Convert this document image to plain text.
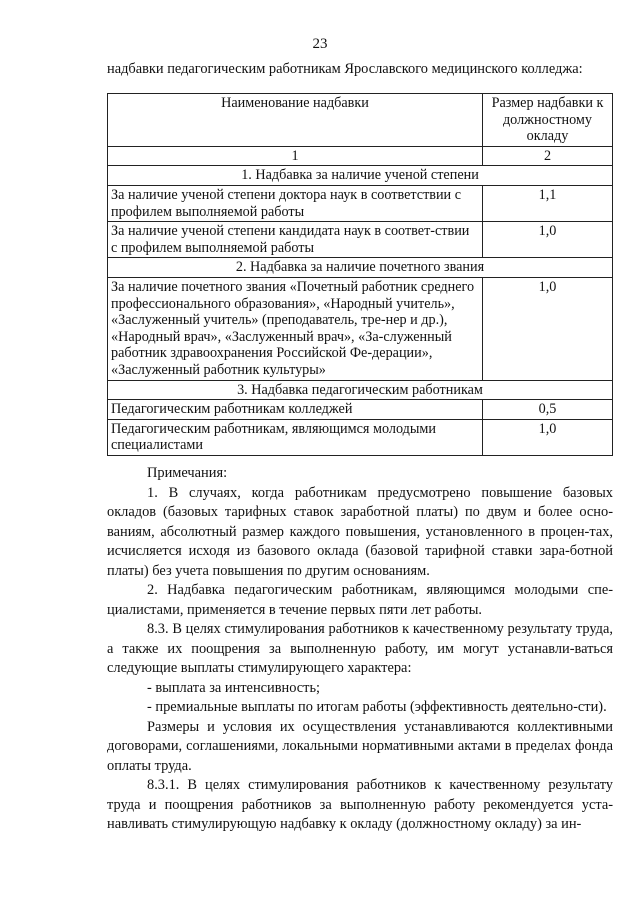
23
надбавки педагогическим работникам Ярославского медицинского колледжа:
Наименование надбавки	Размер надбавки к должностному окладу
1	2
1. Надбавка за наличие ученой степени	
За наличие ученой степени доктора наук в соответствии с профилем выполняемой работы	1,1
За наличие ученой степени кандидата наук в соответ-ствии с профилем выполняемой работы	1,0
2. Надбавка за наличие почетного звания	
За наличие почетного звания «Почетный работник среднего профессионального образования», «Народный учитель», «Заслуженный учитель» (преподаватель, тре-нер и др.), «Народный врач», «Заслуженный врач», «За-служенный работник здравоохранения Российской Фе-дерации», «Заслуженный работник культуры»	1,0
3. Надбавка педагогическим работникам	
Педагогическим работникам колледжей	0,5
Педагогическим работникам, являющимся молодыми специалистами	1,0

Примечания:

1. В случаях, когда работникам предусмотрено повышение базовых окладов (базовых тарифных ставок заработной платы) по двум и более осно-ваниям, абсолютный размер каждого повышения, установленного в процен-тах, исчисляется исходя из базового оклада (базовой тарифной ставки зара-ботной платы) без учета повышения по другим основаниям.

2. Надбавка педагогическим работникам, являющимся молодыми спе-циалистами, применяется в течение первых пяти лет работы.

8.3. В целях стимулирования работников к качественному результату труда, а также их поощрения за выполненную работу, им могут устанавли-ваться следующие выплаты стимулирующего характера:

- выплата за интенсивность;

- премиальные выплаты по итогам работы (эффективность деятельно-сти).

Размеры и условия их осуществления устанавливаются коллективными договорами, соглашениями, локальными нормативными актами в пределах фонда оплаты труда.

8.3.1. В целях стимулирования работников к качественному результату труда и поощрения работников за выполненную работу рекомендуется уста-навливать стимулирующую надбавку к окладу (должностному окладу) за ин-
